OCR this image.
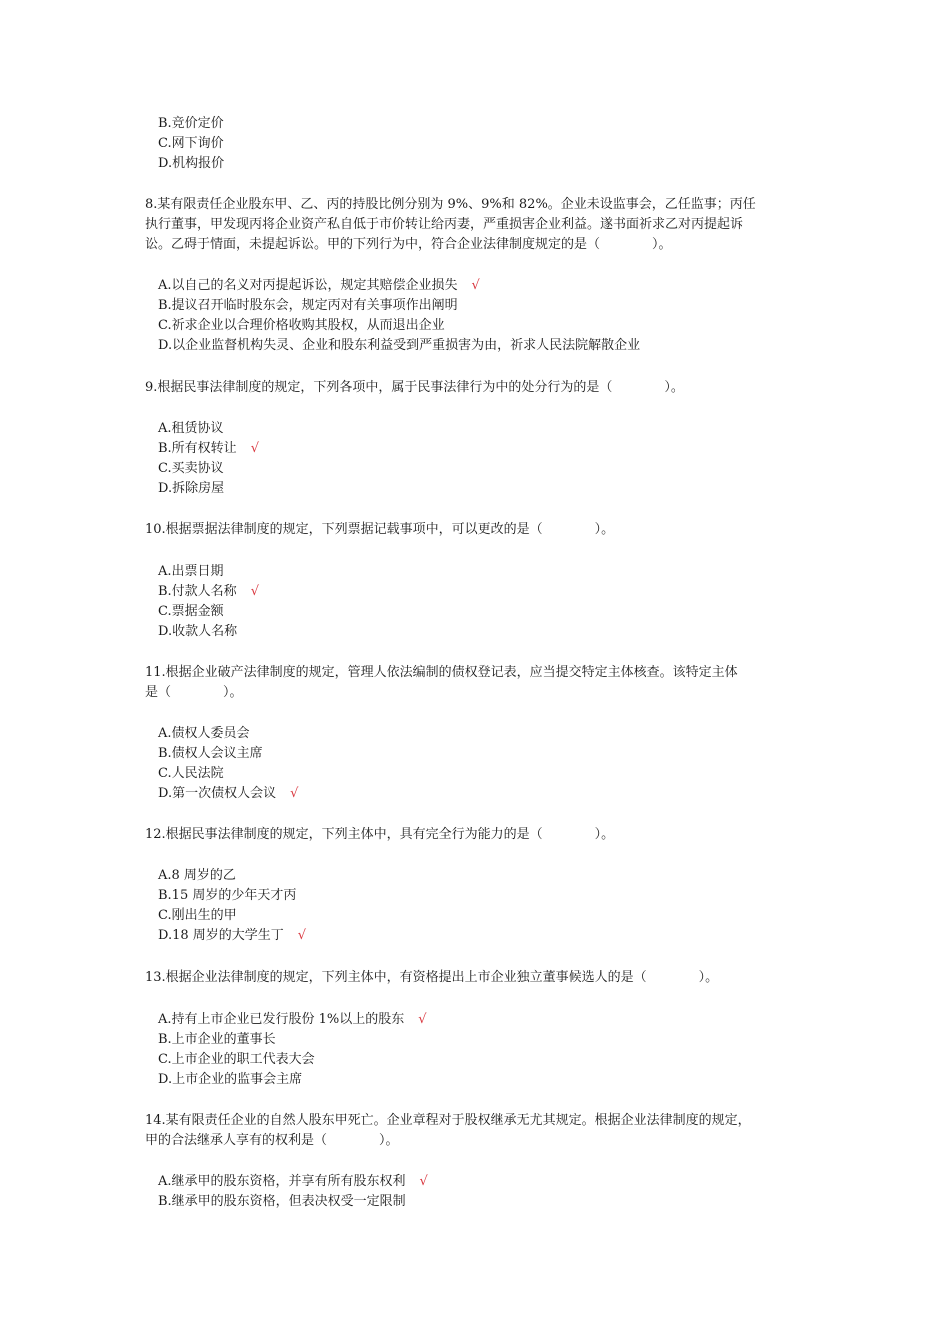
B.竞价定价
C.网下询价
D.机构报价
8.某有限责任企业股东甲、乙、丙的持股比例分别为 9%、9%和 82%。企业未设监事会，乙任监事；丙任
执行董事，甲发现丙将企业资产私自低于市价转让给丙妻，严重损害企业利益。遂书面祈求乙对丙提起诉
讼。乙碍于情面，未提起诉讼。甲的下列行为中，符合企业法律制度规定的是（　　　　）。
A.以自己的名义对丙提起诉讼，规定其赔偿企业损失 √
B.提议召开临时股东会，规定丙对有关事项作出阐明
C.祈求企业以合理价格收购其股权，从而退出企业
D.以企业监督机构失灵、企业和股东利益受到严重损害为由，祈求人民法院解散企业
9.根据民事法律制度的规定，下列各项中，属于民事法律行为中的处分行为的是（　　　　）。
A.租赁协议
B.所有权转让 √
C.买卖协议
D.拆除房屋
10.根据票据法律制度的规定，下列票据记载事项中，可以更改的是（　　　　）。
A.出票日期
B.付款人名称 √
C.票据金额
D.收款人名称
11.根据企业破产法律制度的规定，管理人依法编制的债权登记表，应当提交特定主体核查。该特定主体
是（　　　　）。
A.债权人委员会
B.债权人会议主席
C.人民法院
D.第一次债权人会议 √
12.根据民事法律制度的规定，下列主体中，具有完全行为能力的是（　　　　）。
A.8 周岁的乙
B.15 周岁的少年天才丙
C.刚出生的甲
D.18 周岁的大学生丁 √
13.根据企业法律制度的规定，下列主体中，有资格提出上市企业独立董事候选人的是（　　　　）。
A.持有上市企业已发行股份 1%以上的股东 √
B.上市企业的董事长
C.上市企业的职工代表大会
D.上市企业的监事会主席
14.某有限责任企业的自然人股东甲死亡。企业章程对于股权继承无尤其规定。根据企业法律制度的规定，
甲的合法继承人享有的权利是（　　　　）。
A.继承甲的股东资格，并享有所有股东权利 √
B.继承甲的股东资格，但表决权受一定限制
